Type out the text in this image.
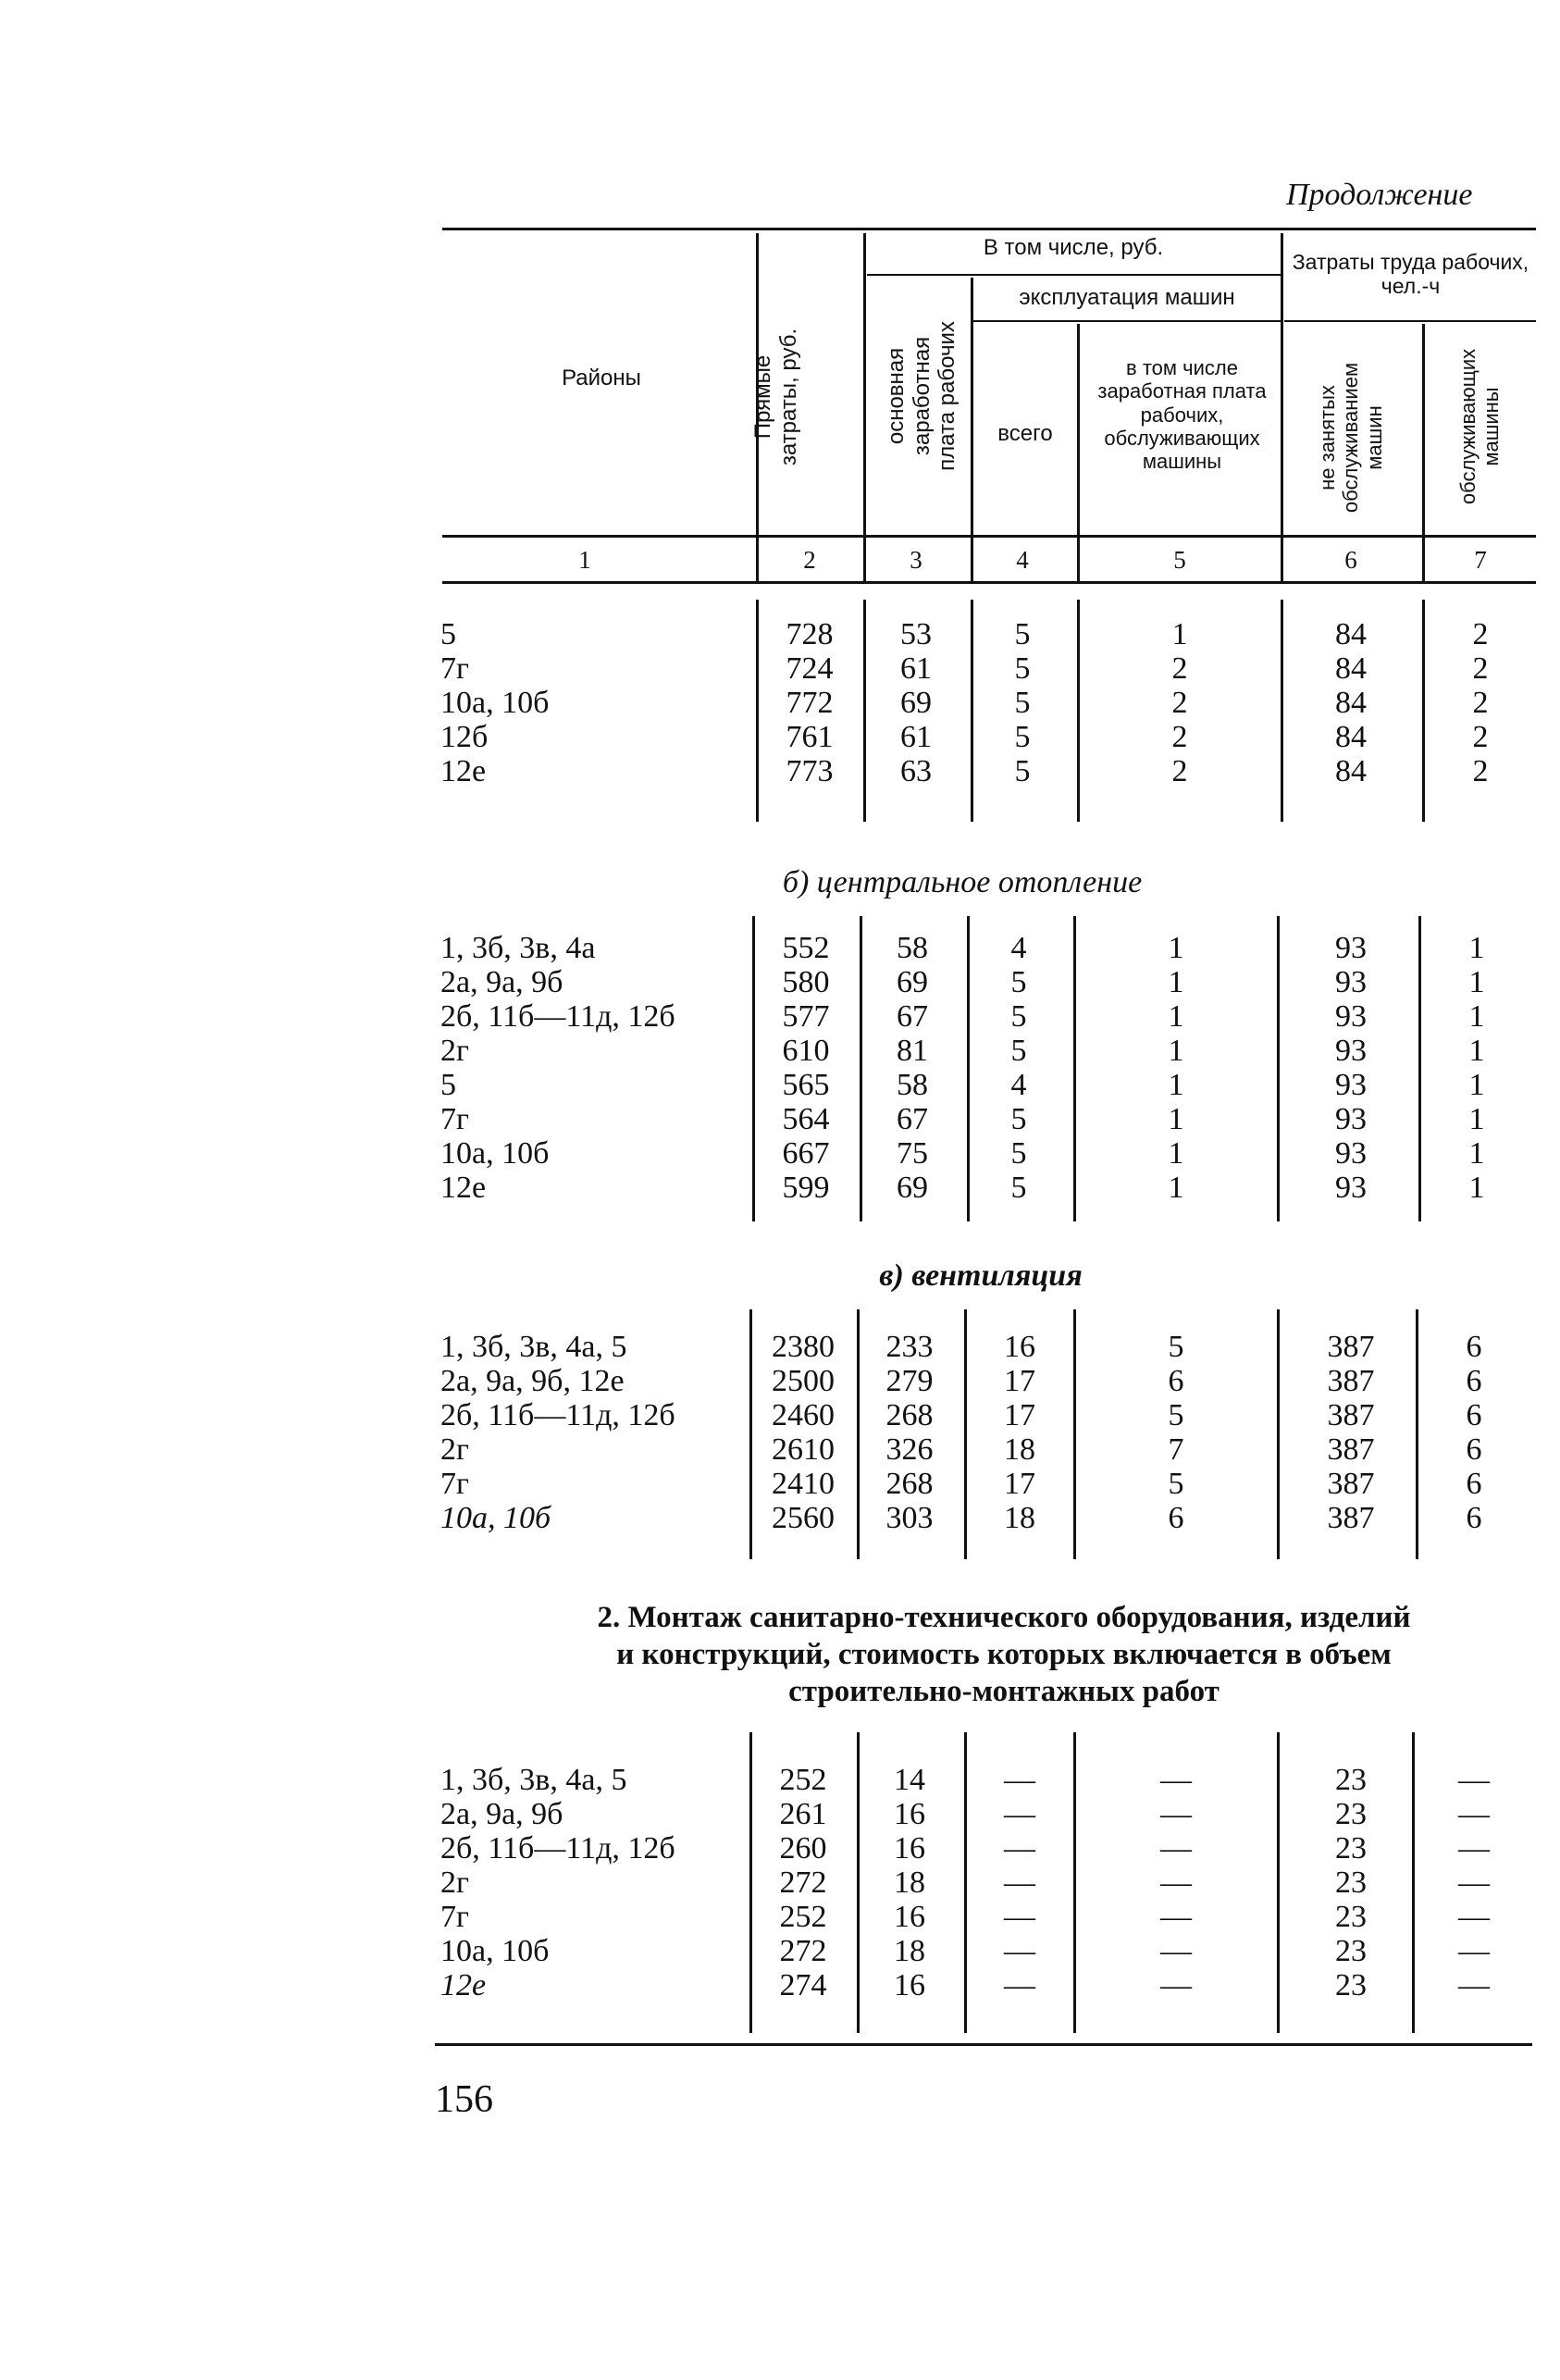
Продолжение
Районы	Прямые затраты, руб.
В том числе, руб.
основная заработная плата рабочих
эксплуатация машин
всего
в том числе заработная плата рабочих, обслуживающих машины
Затраты труда рабочих, чел.-ч
не занятых обслуживанием машин	обслуживающих машины
1	2	3	4	5	6	7
5	728	53	5	1	84	2
7г	724	61	5	2	84	2
10а, 10б	772	69	5	2	84	2
12б	761	61	5	2	84	2
12е	773	63	5	2	84	2
б) центральное отопление
1, 3б, 3в, 4а	552	58	4	1	93	1
2а, 9а, 9б	580	69	5	1	93	1
2б, 11б—11д, 12б	577	67	5	1	93	1
2г	610	81	5	1	93	1
5	565	58	4	1	93	1
7г	564	67	5	1	93	1
10а, 10б	667	75	5	1	93	1
12е	599	69	5	1	93	1
в) вентиляция
1, 3б, 3в, 4а, 5	2380	233	16	5	387	6
2а, 9а, 9б, 12е	2500	279	17	6	387	6
2б, 11б—11д, 12б	2460	268	17	5	387	6
2г	2610	326	18	7	387	6
7г	2410	268	17	5	387	6
10а, 10б	2560	303	18	6	387	6
2. Монтаж санитарно-технического оборудования, изделий
и конструкций, стоимость которых включается в объем
строительно-монтажных работ
1, 3б, 3в, 4а, 5	252	14	—	—	23	—
2а, 9а, 9б	261	16	—	—	23	—
2б, 11б—11д, 12б	260	16	—	—	23	—
2г	272	18	—	—	23	—
7г	252	16	—	—	23	—
10а, 10б	272	18	—	—	23	—
12е	274	16	—	—	23	—
156
